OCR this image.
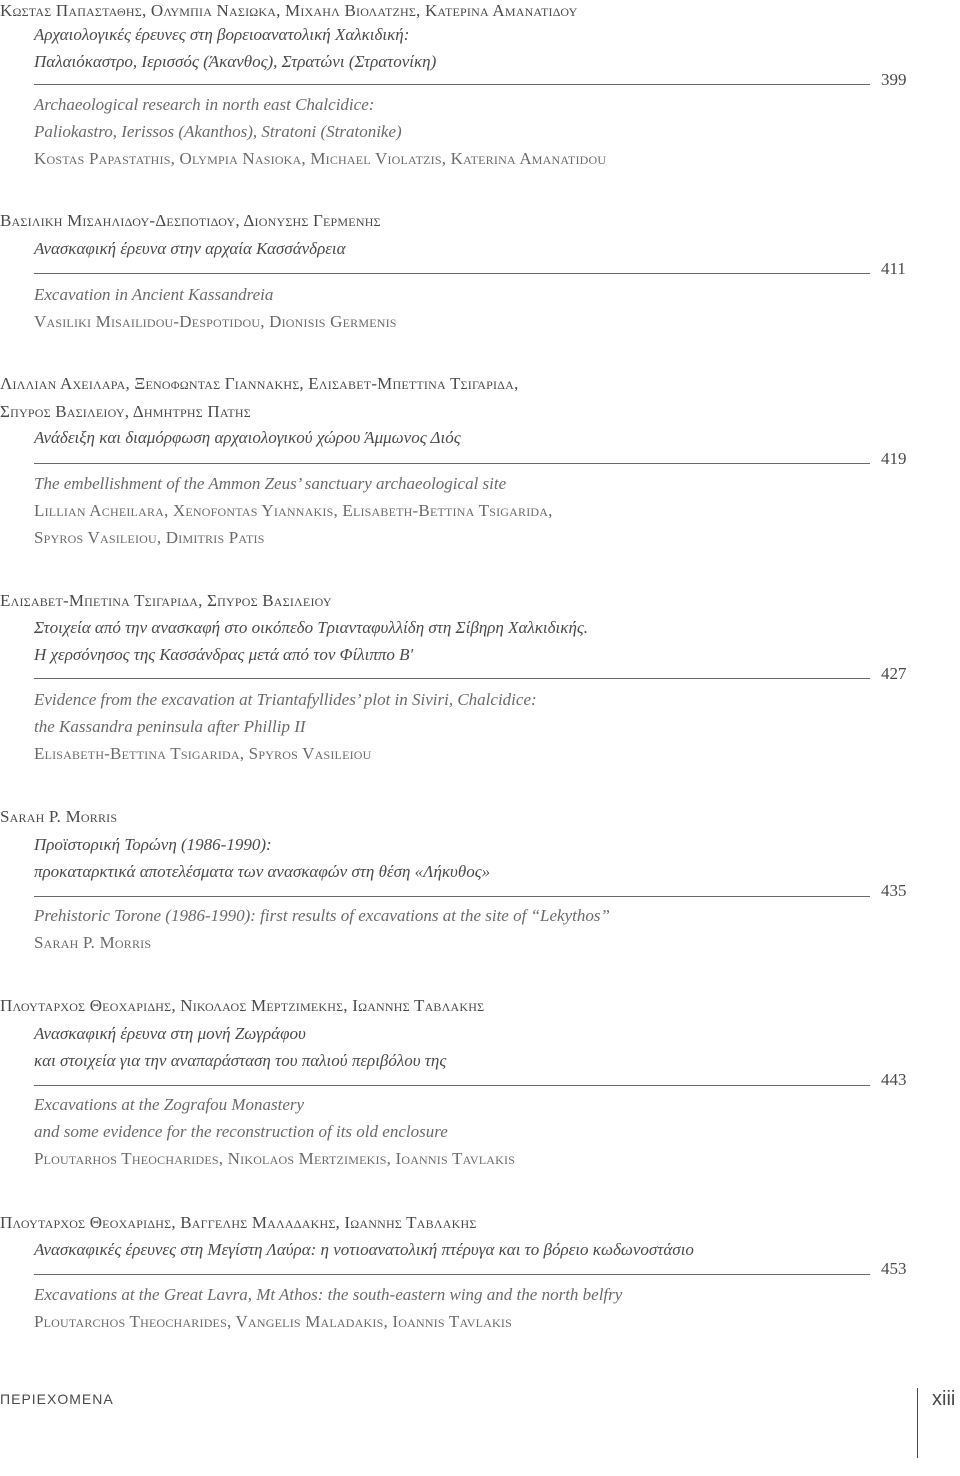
Κωστασ Παπασταθησ, Ολυμπια Νασιωκα, Μιχαηλ Βιολατζησ, Κατερινα Αμανατιδου
Αρχαιολογικές έρευνες στη βορειοανατολική Χαλκιδική:
Παλαιόκαστρο, Ιερισσός (Άκανθος), Στρατώνι (Στρατονίκη)
399
Archaeological research in north east Chalcidice:
Paliokastro, Ierissos (Akanthos), Stratoni (Stratonike)
Kostas Papastathis, Olympia Nasioka, Michael Violatzis, Katerina Amanatidou
Βασιλικη Μισαηλιδου-Δεσποτιδου, Διονυσησ Γερμενησ
Ανασκαφική έρευνα στην αρχαία Κασσάνδρεια
411
Excavation in Ancient Kassandreia
Vasiliki Misailidou-Despotidou, Dionisis Germenis
Λιλλιαν Αχειλαρα, Ξενοφωντασ Γιαννακησ, Ελισαβετ-Μπεττινα Τσιγαριδα,
Σπυροσ Βασιλειου, Δημητρησ Πατησ
Ανάδειξη και διαμόρφωση αρχαιολογικού χώρου Άμμωνος Διός
419
The embellishment of the Ammon Zeus’ sanctuary archaeological site
Lillian Acheilara, Xenofontas Yiannakis, Elisabeth-Bettina Tsigarida,
Spyros Vasileiou, Dimitris Patis
Ελισαβετ-Μπετινα Τσιγαριδα, Σπυροσ Βασιλειου
Στοιχεία από την ανασκαφή στο οικόπεδο Τριανταφυλλίδη στη Σίβηρη Χαλκιδικής.
Η χερσόνησος της Κασσάνδρας μετά από τον Φίλιππο Β′
427
Evidence from the excavation at Triantafyllides’ plot in Siviri, Chalcidice:
the Kassandra peninsula after Phillip II
Elisabeth-Bettina Tsigarida, Spyros Vasileiou
Sarah P. Morris
Προϊστορική Τορώνη (1986-1990):
προκαταρκτικά αποτελέσματα των ανασκαφών στη θέση «Λήκυθος»
435
Prehistoric Torone (1986-1990): first results of excavations at the site of “Lekythos”
Sarah P. Morris
Πλουταρχοσ Θεοχαριδησ, Νικολαοσ Μερτζιμεκησ, Ιωαννησ Ταβλακησ
Ανασκαφική έρευνα στη μονή Ζωγράφου
και στοιχεία για την αναπαράσταση του παλιού περιβόλου της
443
Excavations at the Zografou Monastery
and some evidence for the reconstruction of its old enclosure
Ploutarhos Theocharides, Nikolaos Mertzimekis, Ioannis Tavlakis
Πλουταρχοσ Θεοχαριδησ, Βαγγελησ Μαλαδακησ, Ιωαννησ Ταβλακησ
Ανασκαφικές έρευνες στη Μεγίστη Λαύρα: η νοτιοανατολική πτέρυγα και το βόρειο κωδωνοστάσιο
453
Excavations at the Great Lavra, Mt Athos: the south-eastern wing and the north belfry
Ploutarchos Theocharides, Vangelis Maladakis, Ioannis Tavlakis
ΠΕΡΙΕΧΟΜΕΝΑ	xiii
